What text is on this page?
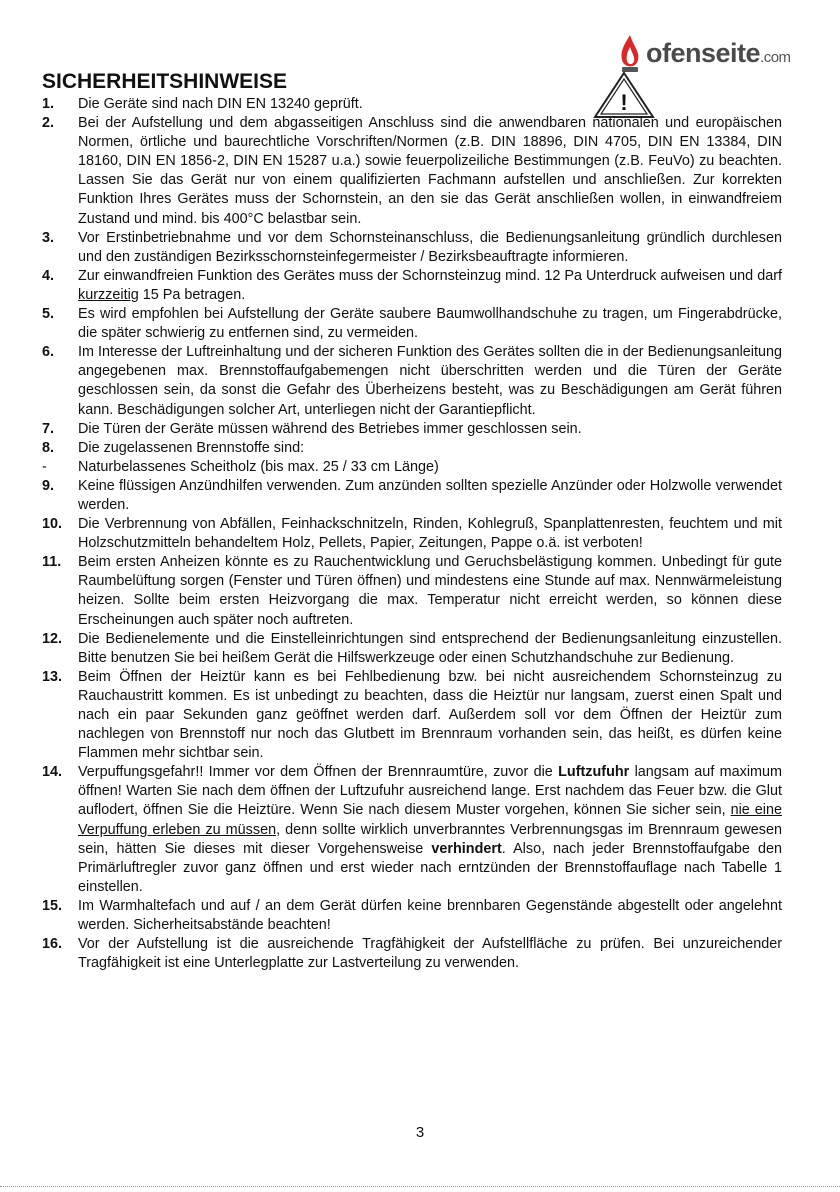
ofenseite.com
!
SICHERHEITSHINWEISE
1.	Die Geräte sind nach DIN EN 13240 geprüft.
2.	Bei der Aufstellung und dem abgasseitigen Anschluss sind die anwendbaren nationalen und europäischen Normen, örtliche und baurechtliche Vorschriften/Normen (z.B. DIN 18896, DIN 4705, DIN EN 13384, DIN 18160, DIN EN 1856-2, DIN EN 15287 u.a.) sowie feuerpolizeiliche Bestimmungen (z.B. FeuVo) zu beachten. Lassen Sie das Gerät nur von einem qualifizierten Fachmann aufstellen und anschließen. Zur korrekten Funktion Ihres Gerätes muss der Schornstein, an den sie das Gerät anschließen wollen, in einwandfreiem Zustand und mind. bis 400°C belastbar sein.
3.	Vor Erstinbetriebnahme und vor dem Schornsteinanschluss, die Bedienungsanleitung gründlich durchlesen und den zuständigen Bezirksschornsteinfegermeister / Bezirksbeauftragte informieren.
4.	Zur einwandfreien Funktion des Gerätes muss der Schornsteinzug mind. 12 Pa Unterdruck aufweisen und darf kurzzeitig 15 Pa betragen.
5.	Es wird empfohlen bei Aufstellung der Geräte saubere Baumwollhandschuhe zu tragen, um Fingerabdrücke, die später schwierig zu entfernen sind, zu vermeiden.
6.	Im Interesse der Luftreinhaltung und der sicheren Funktion des Gerätes sollten die in der Bedienungsanleitung angegebenen max. Brennstoffaufgabemengen nicht überschritten werden und die Türen der Geräte geschlossen sein, da sonst die Gefahr des Überheizens besteht, was zu Beschädigungen am Gerät führen kann. Beschädigungen solcher Art, unterliegen nicht der Garantiepflicht.
7.	Die Türen der Geräte müssen während des Betriebes immer geschlossen sein.
8.	Die zugelassenen Brennstoffe sind:
-	Naturbelassenes Scheitholz (bis max. 25 / 33 cm Länge)
9.	Keine flüssigen Anzündhilfen verwenden. Zum anzünden sollten spezielle Anzünder oder Holzwolle verwendet werden.
10.	Die Verbrennung von Abfällen, Feinhackschnitzeln, Rinden, Kohlegruß, Spanplattenresten, feuchtem und mit Holzschutzmitteln behandeltem Holz, Pellets, Papier, Zeitungen, Pappe o.ä. ist verboten!
11.	Beim ersten Anheizen könnte es zu Rauchentwicklung und Geruchsbelästigung kommen. Unbedingt für gute Raumbelüftung sorgen (Fenster und Türen öffnen) und mindestens eine Stunde auf max. Nennwärmeleistung heizen. Sollte beim ersten Heizvorgang die max. Temperatur nicht erreicht werden, so können diese Erscheinungen auch später noch auftreten.
12.	Die Bedienelemente und die Einstelleinrichtungen sind entsprechend der Bedienungsanleitung einzustellen. Bitte benutzen Sie bei heißem Gerät die Hilfswerkzeuge oder einen Schutzhandschuhe zur Bedienung.
13.	Beim Öffnen der Heiztür kann es bei Fehlbedienung bzw. bei nicht ausreichendem Schornsteinzug zu Rauchaustritt kommen. Es ist unbedingt zu beachten, dass die Heiztür nur langsam, zuerst einen Spalt und nach ein paar Sekunden ganz geöffnet werden darf. Außerdem soll vor dem Öffnen der Heiztür zum nachlegen von Brennstoff nur noch das Glutbett im Brennraum vorhanden sein, das heißt, es dürfen keine Flammen mehr sichtbar sein.
14.	Verpuffungsgefahr!! Immer vor dem Öffnen der Brennraumtüre, zuvor die Luftzufuhr langsam auf maximum öffnen! Warten Sie nach dem öffnen der Luftzufuhr ausreichend lange. Erst nachdem das Feuer bzw. die Glut auflodert, öffnen Sie die Heiztüre. Wenn Sie nach diesem Muster vorgehen, können Sie sicher sein, nie eine Verpuffung erleben zu müssen, denn sollte wirklich unverbranntes Verbrennungsgas im Brennraum gewesen sein, hätten Sie dieses mit dieser Vorgehensweise verhindert. Also, nach jeder Brennstoffaufgabe den Primärluftregler zuvor ganz öffnen und erst wieder nach erntzünden der Brennstoffauflage nach Tabelle 1 einstellen.
15.	Im Warmhaltefach und auf / an dem Gerät dürfen keine brennbaren Gegenstände abgestellt oder angelehnt werden. Sicherheitsabstände beachten!
16.	Vor der Aufstellung ist die ausreichende Tragfähigkeit der Aufstellfläche zu prüfen. Bei unzureichender Tragfähigkeit ist eine Unterlegplatte zur Lastverteilung zu verwenden.
3
